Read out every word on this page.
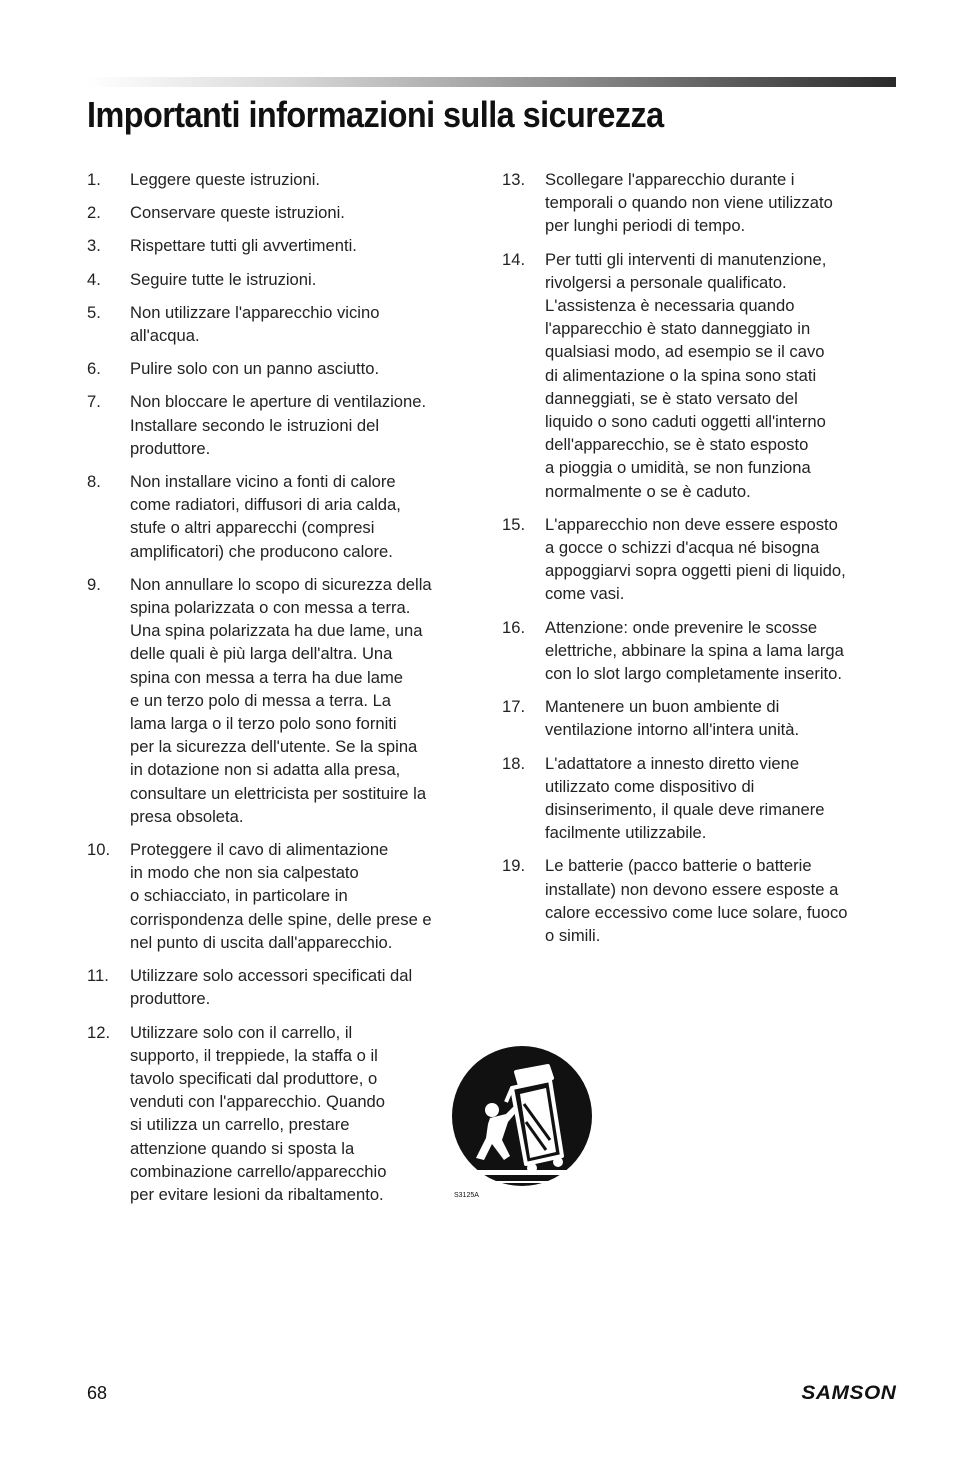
Importanti informazioni sulla sicurezza
1.	Leggere queste istruzioni.
2.	Conservare queste istruzioni.
3.	Rispettare tutti gli avvertimenti.
4.	Seguire tutte le istruzioni.
5.	Non utilizzare l'apparecchio vicino
all'acqua.
6.	Pulire solo con un panno asciutto.
7.	Non bloccare le aperture di ventilazione.
Installare secondo le istruzioni del
produttore.
8.	Non installare vicino a fonti di calore
come radiatori, diffusori di aria calda,
stufe o altri apparecchi (compresi
amplificatori) che producono calore.
9.	Non annullare lo scopo di sicurezza della
spina polarizzata o con messa a terra.
Una spina polarizzata ha due lame, una
delle quali è più larga dell'altra. Una
spina con messa a terra ha due lame
e un terzo polo di messa a terra. La
lama larga o il terzo polo sono forniti
per la sicurezza dell'utente. Se la spina
in dotazione non si adatta alla presa,
consultare un elettricista per sostituire la
presa obsoleta.
10.	Proteggere il cavo di alimentazione
in modo che non sia calpestato
o schiacciato, in particolare in
corrispondenza delle spine, delle prese e
nel punto di uscita dall'apparecchio.
11.	Utilizzare solo accessori specificati dal
produttore.
12.	Utilizzare solo con il carrello, il
supporto, il treppiede, la staffa o il
tavolo specificati dal produttore, o
venduti con l'apparecchio. Quando
si utilizza un carrello, prestare
attenzione quando si sposta la
combinazione carrello/apparecchio
per evitare lesioni da ribaltamento.
13.	Scollegare l'apparecchio durante i
temporali o quando non viene utilizzato
per lunghi periodi di tempo.
14.	Per tutti gli interventi di manutenzione,
rivolgersi a personale qualificato.
L'assistenza è necessaria quando
l'apparecchio è stato danneggiato in
qualsiasi modo, ad esempio se il cavo
di alimentazione o la spina sono stati
danneggiati, se è stato versato del
liquido o sono caduti oggetti all'interno
dell'apparecchio, se è stato esposto
a pioggia o umidità, se non funziona
normalmente o se è caduto.
15.	L'apparecchio non deve essere esposto
a gocce o schizzi d'acqua né bisogna
appoggiarvi sopra oggetti pieni di liquido,
come vasi.
16.	Attenzione: onde prevenire le scosse
elettriche, abbinare la spina a lama larga
con lo slot largo completamente inserito.
17.	Mantenere un buon ambiente di
ventilazione intorno all'intera unità.
18.	L'adattatore a innesto diretto viene
utilizzato come dispositivo di
disinserimento, il quale deve rimanere
facilmente utilizzabile.
19.	Le batterie (pacco batterie o batterie
installate) non devono essere esposte a
calore eccessivo come luce solare, fuoco
o simili.
S3125A
68	SAMSON
